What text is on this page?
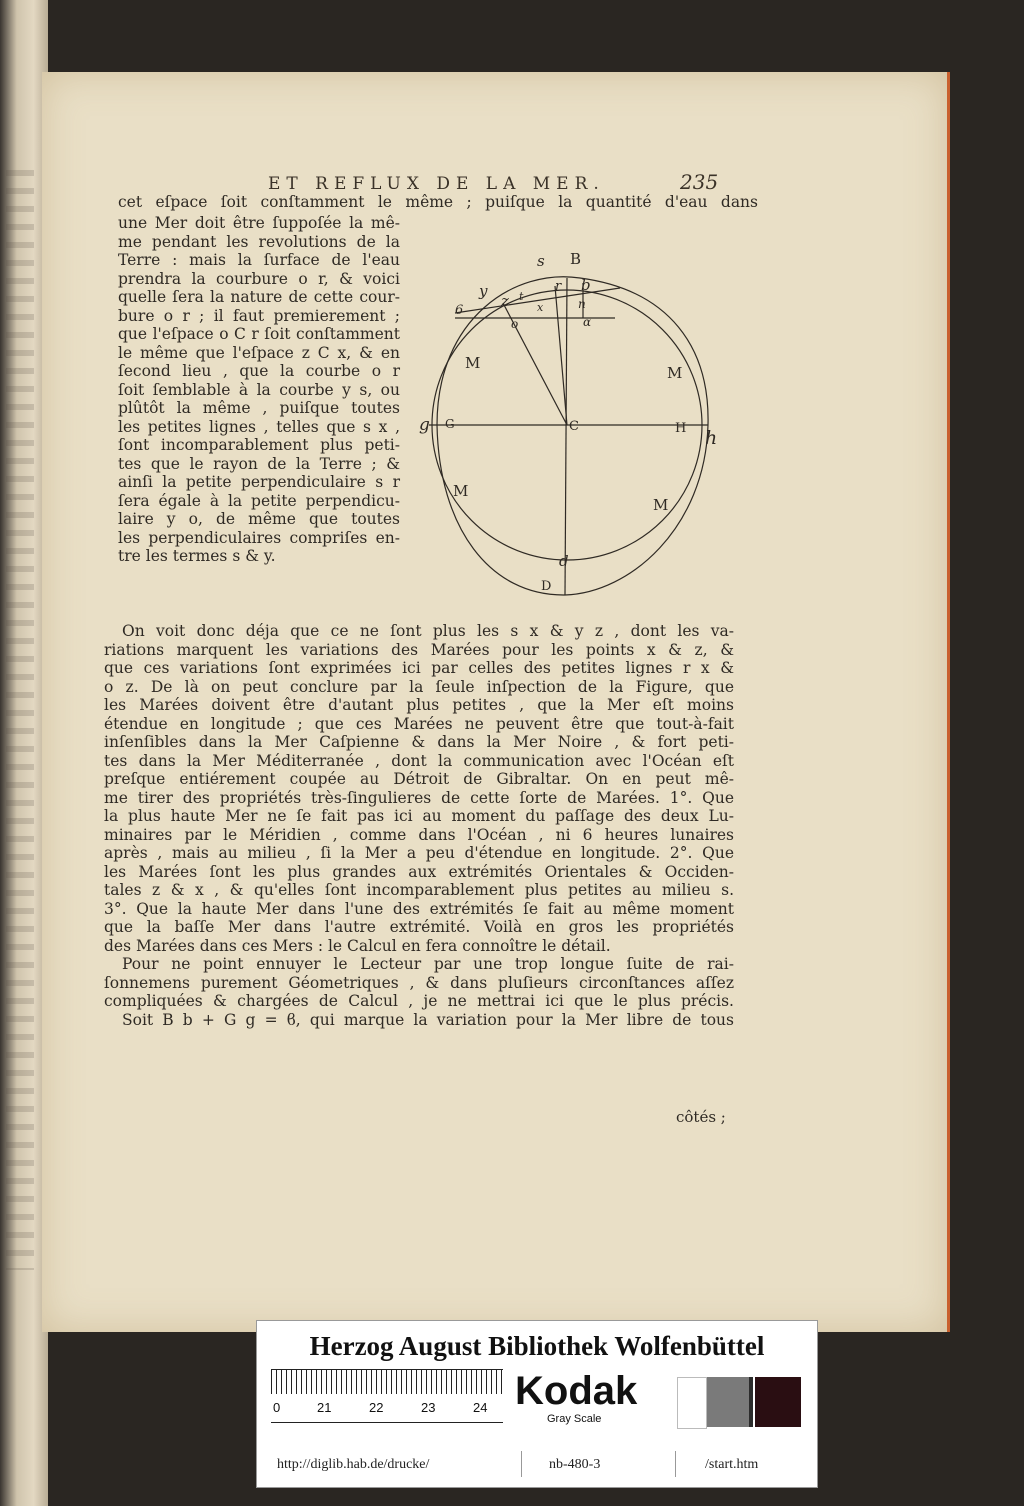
ET REFLUX DE LA MER.	235
cet eſpace ſoit conſtamment le même ; puiſque la quantité d'eau dans
une Mer doit être ſuppoſée la mê-
me pendant les revolutions de la
Terre : mais la ſurface de l'eau
prendra la courbure o r, & voici
quelle ſera la nature de cette cour-
bure o r ; il faut premierement ;
que l'eſpace o C r ſoit conſtamment
le même que l'eſpace z C x, & en
ſecond lieu , que la courbe o r
ſoit ſemblable à la courbe y s, ou
plûtôt la même , puiſque toutes
les petites lignes , telles que s x ,
ſont incomparablement plus peti-
tes que le rayon de la Terre ; &
ainſi la petite perpendiculaire s r
ſera égale à la petite perpendicu-
laire y o, de même que toutes
les perpendiculaires compriſes en-
tre les termes s & y.
s B
y
z t
r b
6	x	n
o	α
M
M
g G	C	H h
M
M
d
D
On voit donc déja que ce ne ſont plus les s x & y z , dont les va-
riations marquent les variations des Marées pour les points x & z, &
que ces variations ſont exprimées ici par celles des petites lignes r x &
o z. De là on peut conclure par la ſeule inſpection de la Figure, que
les Marées doivent être d'autant plus petites , que la Mer eſt moins
étendue en longitude ; que ces Marées ne peuvent être que tout-à-fait
inſenſibles dans la Mer Caſpienne & dans la Mer Noire , & fort peti-
tes dans la Mer Méditerranée , dont la communication avec l'Océan eſt
preſque entiérement coupée au Détroit de Gibraltar. On en peut mê-
me tirer des propriétés très-ſingulieres de cette ſorte de Marées. 1°. Que
la plus haute Mer ne ſe fait pas ici au moment du paſſage des deux Lu-
minaires par le Méridien , comme dans l'Océan , ni 6 heures lunaires
après , mais au milieu , ſi la Mer a peu d'étendue en longitude. 2°. Que
les Marées ſont les plus grandes aux extrémités Orientales & Occiden-
tales z & x , & qu'elles ſont incomparablement plus petites au milieu s.
3°. Que la haute Mer dans l'une des extrémités ſe fait au même moment
que la baſſe Mer dans l'autre extrémité. Voilà en gros les propriétés
des Marées dans ces Mers : le Calcul en fera connoître le détail.
Pour ne point ennuyer le Lecteur par une trop longue ſuite de rai-
ſonnemens purement Géometriques , & dans pluſieurs circonſtances aſſez
compliquées & chargées de Calcul , je ne mettrai ici que le plus précis.
Soit B b + G g = ϐ, qui marque la variation pour la Mer libre de tous
côtés ;
Herzog August Bibliothek Wolfenbüttel
0	21	22	23	24 Kodak
Gray Scale
http://diglib.hab.de/drucke/	nb-480-3	/start.htm
